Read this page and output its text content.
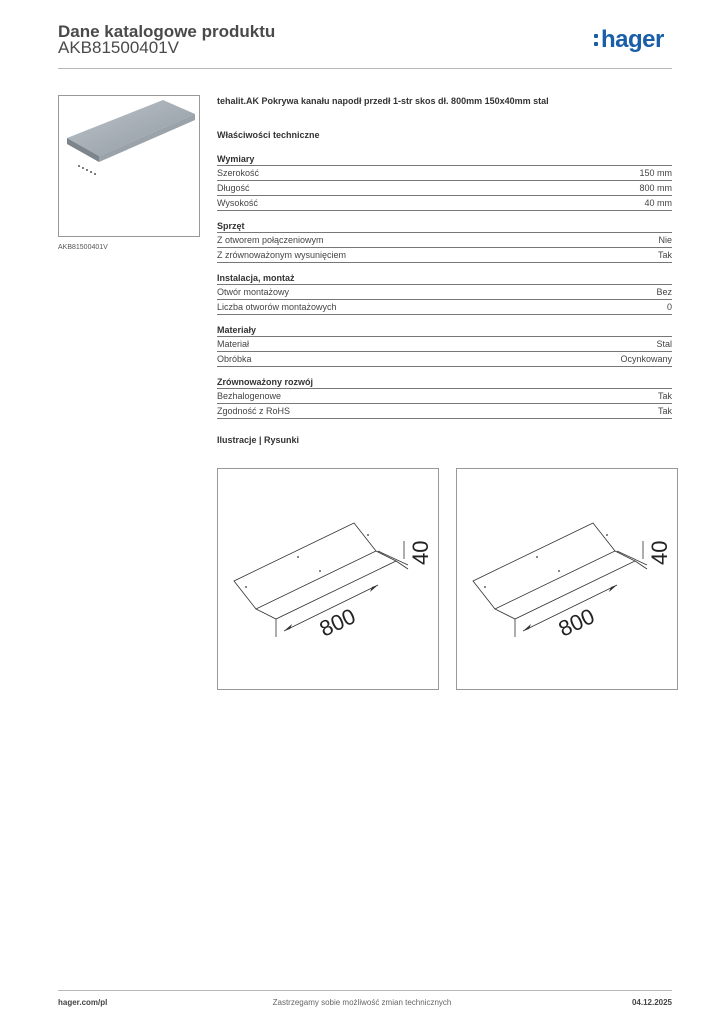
Dane katalogowe produktu
AKB81500401V	hager
AKB81500401V
tehalit.AK Pokrywa kanału napodł przedł 1-str skos dł. 800mm 150x40mm stal
Właściwości techniczne
Wymiary
Szerokość	150 mm
Długość	800 mm
Wysokość	40 mm
Sprzęt
Z otworem połączeniowym	Nie
Z zrównoważonym wysunięciem	Tak
Instalacja, montaż
Otwór montażowy	Bez
Liczba otworów montażowych	0
Materiały
Materiał	Stal
Obróbka	Ocynkowany
Zrównoważony rozwój
Bezhalogenowe	Tak
Zgodność z RoHS	Tak
Ilustracje | Rysunki
800
40
800
40
hager.com/pl	Zastrzegamy sobie możliwość zmian technicznych	04.12.2025
